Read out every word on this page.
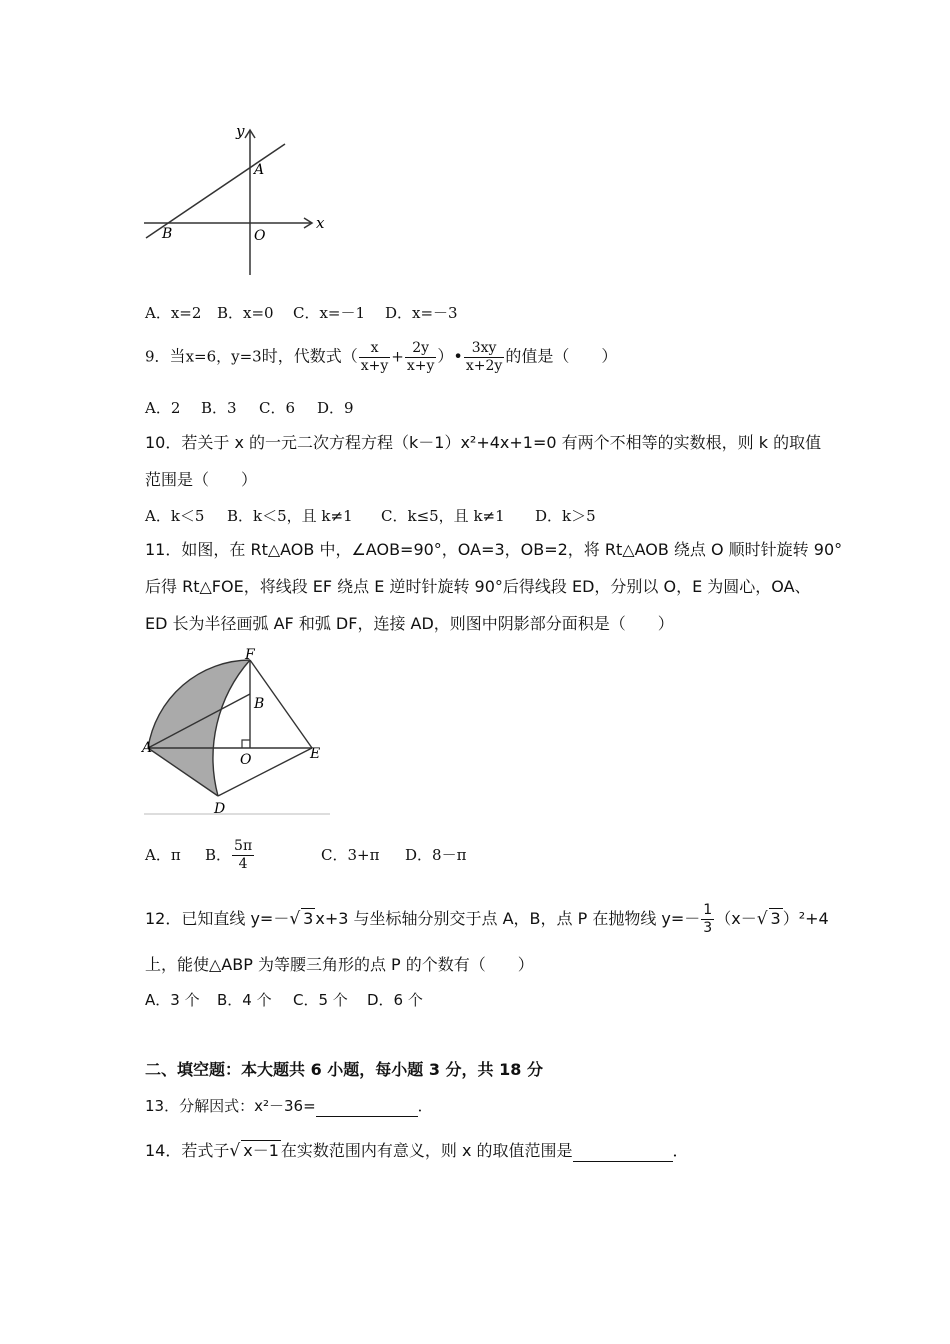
y
x
A
B	O
A．x=2 B．x=0 C．x=－1 D．x=－3
9．当x=6，y=3时，代数式（ $\frac{x}{x+y} + \frac{2y}{x+y}$ ）• $\frac{3xy}{x+2y}$ 的值是（　　）
A．2 B．3 C．6 D．9
10．若关于 x 的一元二次方程方程（k－1）x²+4x+1=0 有两个不相等的实数根，则 k 的取值
范围是（　　）
A．k＜5 B．k＜5，且 k≠1 C．k≤5，且 k≠1 D．k＞5
11．如图，在 Rt△AOB 中，∠AOB=90°，OA=3，OB=2，将 Rt△AOB 绕点 O 顺时针旋转 90°
后得 Rt△FOE，将线段 EF 绕点 E 逆时针旋转 90°后得线段 ED，分别以 O，E 为圆心，OA、
ED 长为半径画弧 AF 和弧 DF，连接 AD，则图中阴影部分面积是（　　）
F
B
A
O	E
D
A．π B． $\frac{5\pi}{4}$	C．3+π D．8－π
12．已知直线 y=－√ 3 x+3 与坐标轴分别交于点 A，B，点 P 在抛物线 $y=- \frac{1}{3} (x-√$ 3 ）²+4
上，能使△ABP 为等腰三角形的点 P 的个数有（　　）
A．3 个 B．4 个 C．5 个 D．6 个
二、填空题：本大题共 6 小题，每小题 3 分，共 18 分
13．分解因式：x²－36=	．
14．若式子√ x－1 在实数范围内有意义，则 x 的取值范围是	．
